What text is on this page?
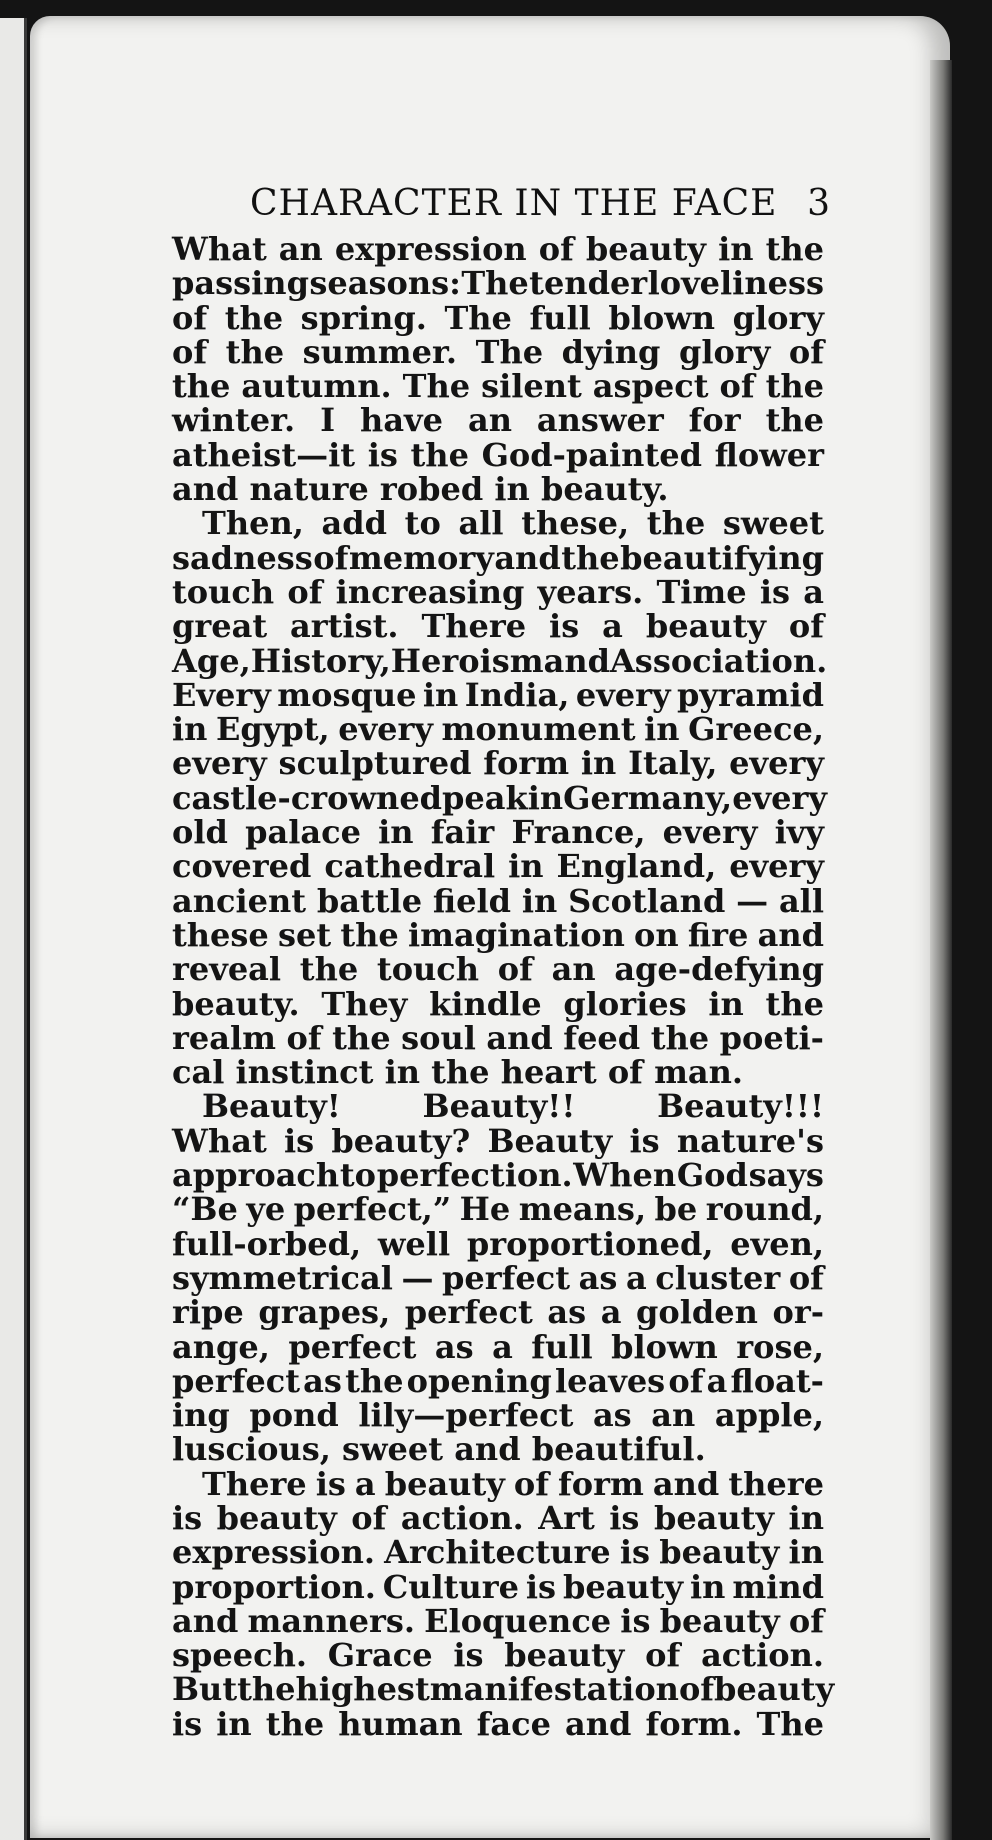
CHARACTER IN THE FACE 3
What an expression of beauty in the
passing seasons: The tender loveliness
of the spring. The full blown glory
of the summer. The dying glory of
the autumn. The silent aspect of the
winter. I have an answer for the
atheist—it is the God-painted flower
and nature robed in beauty.
Then, add to all these, the sweet
sadness of memory and the beautifying
touch of increasing years. Time is a
great artist. There is a beauty of
Age, History, Heroism and Association.
Every mosque in India, every pyramid
in Egypt, every monument in Greece,
every sculptured form in Italy, every
castle-crowned peak in Germany, every
old palace in fair France, every ivy
covered cathedral in England, every
ancient battle field in Scotland — all
these set the imagination on fire and
reveal the touch of an age-defying
beauty. They kindle glories in the
realm of the soul and feed the poeti-
cal instinct in the heart of man.
Beauty!	Beauty!!	Beauty!!!
What is beauty? Beauty is nature's
approach to perfection. When God says
“Be ye perfect,” He means, be round,
full-orbed, well proportioned, even,
symmetrical — perfect as a cluster of
ripe grapes, perfect as a golden or-
ange, perfect as a full blown rose,
perfect as the opening leaves of a float-
ing pond lily—perfect as an apple,
luscious, sweet and beautiful.
There is a beauty of form and there
is beauty of action. Art is beauty in
expression. Architecture is beauty in
proportion. Culture is beauty in mind
and manners. Eloquence is beauty of
speech. Grace is beauty of action.
But the highest manifestation of beauty
is in the human face and form. The
